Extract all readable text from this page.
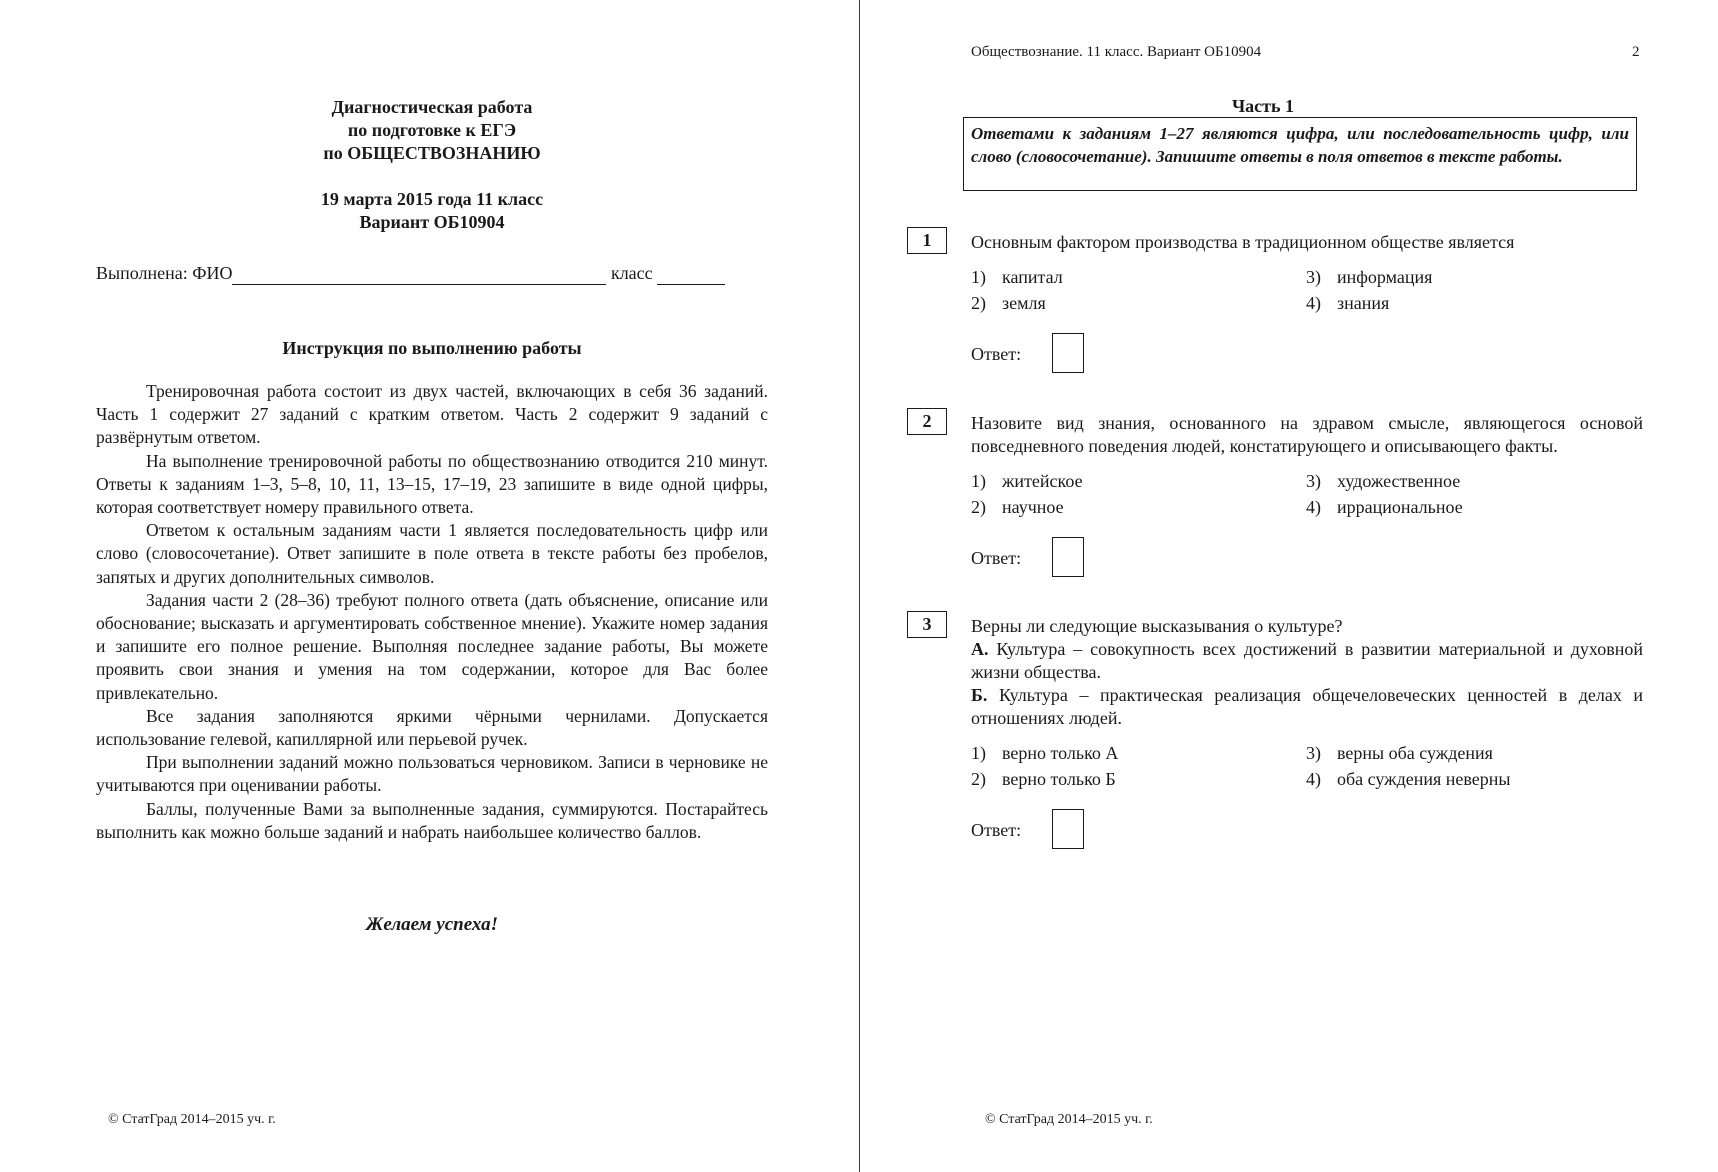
Диагностическая работа
по подготовке к ЕГЭ
по ОБЩЕСТВОЗНАНИЮ
19 марта 2015 года 11 класс
Вариант ОБ10904
Выполнена: ФИО	класс
Инструкция по выполнению работы

Тренировочная работа состоит из двух частей, включающих в себя 36 заданий. Часть 1 содержит 27 заданий с кратким ответом. Часть 2 содержит 9 заданий с развёрнутым ответом.

На выполнение тренировочной работы по обществознанию отводится 210 минут. Ответы к заданиям 1–3, 5–8, 10, 11, 13–15, 17–19, 23 запишите в виде одной цифры, которая соответствует номеру правильного ответа.

Ответом к остальным заданиям части 1 является последовательность цифр или слово (словосочетание). Ответ запишите в поле ответа в тексте работы без пробелов, запятых и других дополнительных символов.

Задания части 2 (28–36) требуют полного ответа (дать объяснение, описание или обоснование; высказать и аргументировать собственное мнение). Укажите номер задания и запишите его полное решение. Выполняя последнее задание работы, Вы можете проявить свои знания и умения на том содержании, которое для Вас более привлекательно.

Все задания заполняются яркими чёрными чернилами. Допускается использование гелевой, капиллярной или перьевой ручек.

При выполнении заданий можно пользоваться черновиком. Записи в черновике не учитываются при оценивании работы.

Баллы, полученные Вами за выполненные задания, суммируются. Постарайтесь выполнить как можно больше заданий и набрать наибольшее количество баллов.

Желаем успеха!
© СтатГрад 2014–2015 уч. г.
Обществознание. 11 класс. Вариант ОБ10904	2
Часть 1
Ответами к заданиям 1–27 являются цифра, или последовательность цифр, или слово (словосочетание). Запишите ответы в поля ответов в тексте работы.
1	Основным фактором производства в традиционном обществе является
1) капитал
2) земля
3) информация
4) знания
Ответ:
2	Назовите вид знания, основанного на здравом смысле, являющегося основой повседневного поведения людей, констатирующего и описывающего факты.
1) житейское
2) научное
3) художественное
4) иррациональное
Ответ:
3	Верны ли следующие высказывания о культуре?
А. Культура – совокупность всех достижений в развитии материальной и духовной жизни общества.
Б. Культура – практическая реализация общечеловеческих ценностей в делах и отношениях людей.
1) верно только А
2) верно только Б
3) верны оба суждения
4) оба суждения неверны
Ответ:
© СтатГрад 2014–2015 уч. г.
